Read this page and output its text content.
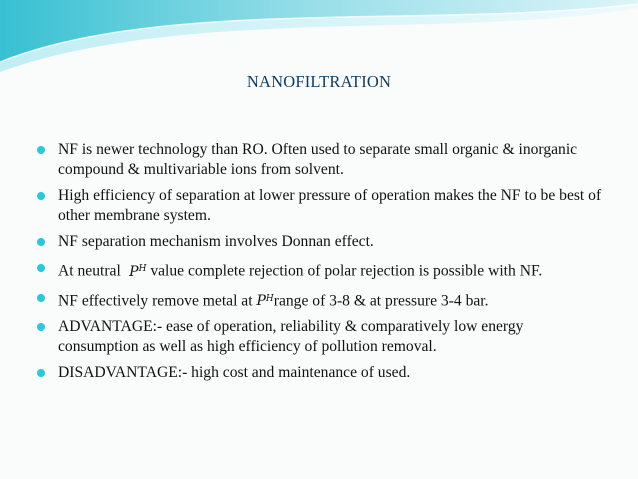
NANOFILTRATION
NF is newer technology than RO. Often used to separate small organic & inorganic compound & multivariable ions from solvent.
High efficiency of separation at lower pressure of operation makes the NF to be best of other membrane system.
NF separation mechanism involves Donnan effect.
At neutral  $P^H$ value complete rejection of polar rejection is possible with NF.
NF effectively remove metal at $P^Hrange$ of 3-8 & at pressure 3-4 bar.
ADVANTAGE:- ease of operation, reliability & comparatively low energy consumption as well as high efficiency of pollution removal.
DISADVANTAGE:- high cost and maintenance of used.
